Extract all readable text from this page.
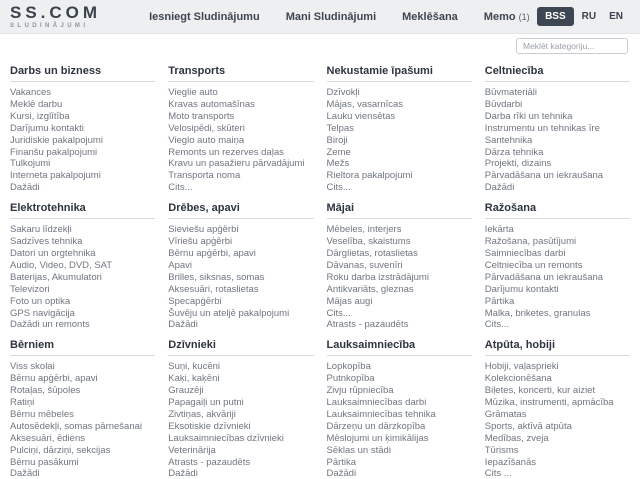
SS.COM
SLUDINĀJUMI
Iesniegt Sludinājumu Mani Sludinājumi Meklēšana Memo (1)	BSS	RU	EN
Meklēt kategoriju...
Darbs un bizness
Vakances
Meklē darbu
Kursi, izglītība
Darījumu kontakti
Juridiskie pakalpojumi
Finanšu pakalpojumi
Tulkojumi
Interneta pakalpojumi
Dažādi
Transports
Vieglie auto
Kravas automašīnas
Moto transports
Velosipēdi, skūteri
Vieglo auto maiņa
Remonts un rezerves daļas
Kravu un pasažieru pārvadājumi
Transporta noma
Cits...
Nekustamie īpašumi
Dzīvokļi
Mājas, vasarnīcas
Lauku viensētas
Telpas
Biroji
Zeme
Mežs
Rieltora pakalpojumi
Cits...
Celtniecība
Būvmateriāli
Būvdarbi
Darba rīki un tehnika
Instrumentu un tehnikas īre
Santehnika
Dārza tehnika
Projekti, dizains
Pārvadāšana un iekraušana
Dažādi
Elektrotehnika
Sakaru līdzekļi
Sadzīves tehnika
Datori un orgtehnika
Audio, Video, DVD, SAT
Baterijas, Akumulatori
Televizori
Foto un optika
GPS navigācija
Dažādi un remonts
Drēbes, apavi
Sieviešu apģērbi
Vīriešu apģērbi
Bērnu apģērbi, apavi
Apavi
Brilles, siksnas, somas
Aksesuāri, rotaslietas
Specapģērbi
Šuvēju un ateljē pakalpojumi
Dažādi
Mājai
Mēbeles, interjers
Veselība, skaistums
Dārglietas, rotaslietas
Dāvanas, suvenīri
Roku darba izstrādājumi
Antikvariāts, gleznas
Mājas augi
Cits...
Atrasts - pazaudēts
Ražošana
Iekārta
Ražošana, pasūtījumi
Saimniecības darbi
Celtniecība un remonts
Pārvadāšana un iekraušana
Darījumu kontakti
Pārtika
Malka, briketes, granulas
Cits...
Bērniem
Viss skolai
Bērnu apģērbi, apavi
Rotaļas, šūpoles
Ratiņi
Bērnu mēbeles
Autosēdekļi, somas pārnešanai
Aksesuāri, ēdiens
Pulciņi, dārziņi, sekcijas
Bērnu pasākumi
Dažādi
Dzīvnieki
Suņi, kucēni
Kaķi, kaķēni
Grauzēji
Papagaiļi un putni
Zivtiņas, akvāriji
Eksotiskie dzīvnieki
Lauksaimniecības dzīvnieki
Veterinārija
Atrasts - pazaudēts
Dažādi
Lauksaimniecība
Lopkopība
Putnkopība
Zivju rūpniecība
Lauksaimniecības darbi
Lauksaimniecības tehnika
Dārzeņu un dārzkopība
Mēslojumi un ķimikālijas
Sēklas un stādi
Pārtika
Dažādi
Atpūta, hobiji
Hobiji, vaļasprieki
Kolekcionēšana
Biļetes, koncerti, kur aiziet
Mūzika, instrumenti, apmācība
Grāmatas
Sports, aktīvā atpūta
Medības, zveja
Tūrisms
Iepazīšanās
Cits ...
